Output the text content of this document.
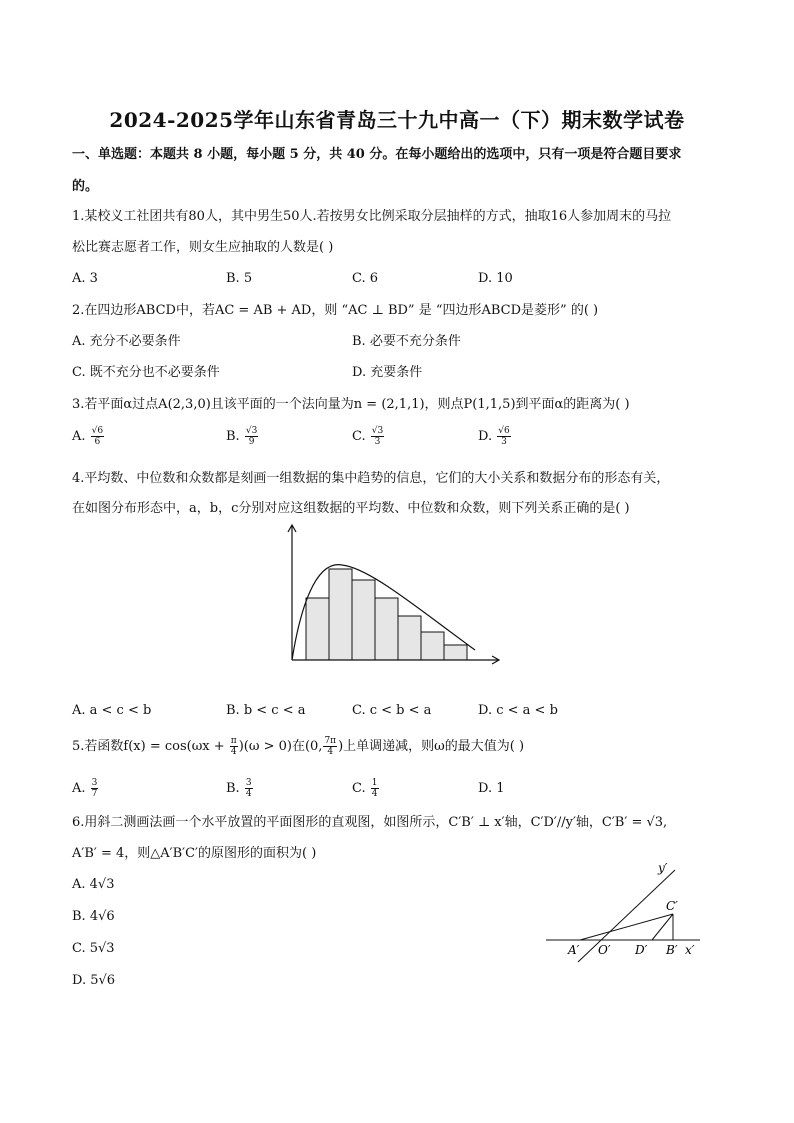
2024-2025学年山东省青岛三十九中高一（下）期末数学试卷
一、单选题：本题共 8 小题，每小题 5 分，共 40 分。在每小题给出的选项中，只有一项是符合题目要求
的。
1.某校义工社团共有80人，其中男生50人.若按男女比例采取分层抽样的方式，抽取16人参加周末的马拉
松比赛志愿者工作，则女生应抽取的人数是( )
A. 3	B. 5	C. 6	D. 10
2.在四边形ABCD中，若AC = AB + AD，则 “AC ⊥ BD” 是 “四边形ABCD是菱形” 的( )
A. 充分不必要条件	B. 必要不充分条件
C. 既不充分也不必要条件	D. 充要条件
3.若平面α过点A(2,3,0)且该平面的一个法向量为n = (2,1,1)，则点P(1,1,5)到平面α的距离为( )
A. $\frac{√6}{6}$	B. $\frac{√3}{9}$	C. $\frac{√3}{3}$	D. $\frac{√6}{3}$
4.平均数、中位数和众数都是刻画一组数据的集中趋势的信息，它们的大小关系和数据分布的形态有关，
在如图分布形态中，a，b，c分别对应这组数据的平均数、中位数和众数，则下列关系正确的是( )
A. a < c < b	B. b < c < a	C. c < b < a	D. c < a < b
5.若函数$f(x) = \cos(\omega x + \frac{\pi}{4} )(\omega > 0)$在(0, $\frac{7\pi}{4}$ )上单调递减，则ω的最大值为( )
A. $\frac{3}{7}$	B. $\frac{3}{4}$	C. $\frac{1}{4}$	D. 1
6.用斜二测画法画一个水平放置的平面图形的直观图，如图所示，C′B′ ⊥ x′轴，C′D′//y′轴，C′B′ = √3,
A′B′ = 4，则△A′B′C′的原图形的面积为( )
A. 4√3
B. 4√6
C. 5√3
D. 5√6
y′
C′
A′ O′ D′ B′ x′
